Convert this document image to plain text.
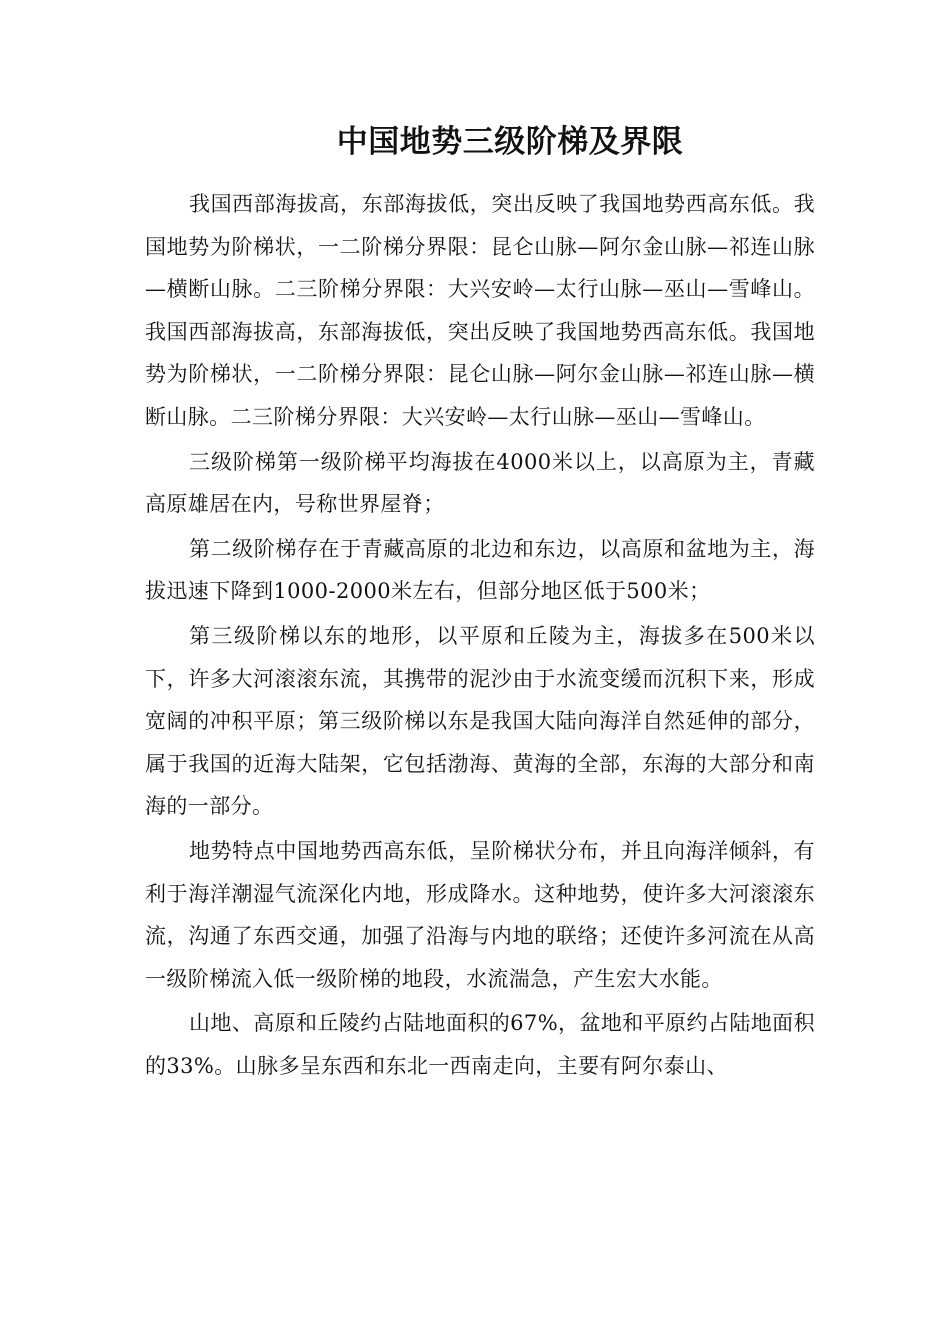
中国地势三级阶梯及界限

我国西部海拔高，东部海拔低，突出反映了我国地势西高东低。我国地势为阶梯状，一二阶梯分界限：昆仑山脉—阿尔金山脉—祁连山脉—横断山脉。二三阶梯分界限：大兴安岭—太行山脉—巫山—雪峰山。我国西部海拔高，东部海拔低，突出反映了我国地势西高东低。我国地势为阶梯状，一二阶梯分界限：昆仑山脉—阿尔金山脉—祁连山脉—横断山脉。二三阶梯分界限：大兴安岭—太行山脉—巫山—雪峰山。

三级阶梯第一级阶梯平均海拔在4000米以上，以高原为主，青藏高原雄居在内，号称世界屋脊；

第二级阶梯存在于青藏高原的北边和东边，以高原和盆地为主，海拔迅速下降到1000-2000米左右，但部分地区低于500米；

第三级阶梯以东的地形，以平原和丘陵为主，海拔多在500米以下，许多大河滚滚东流，其携带的泥沙由于水流变缓而沉积下来，形成宽阔的冲积平原；第三级阶梯以东是我国大陆向海洋自然延伸的部分，属于我国的近海大陆架，它包括渤海、黄海的全部，东海的大部分和南海的一部分。

地势特点中国地势西高东低，呈阶梯状分布，并且向海洋倾斜，有利于海洋潮湿气流深化内地，形成降水。这种地势，使许多大河滚滚东流，沟通了东西交通，加强了沿海与内地的联络；还使许多河流在从高一级阶梯流入低一级阶梯的地段，水流湍急，产生宏大水能。

山地、高原和丘陵约占陆地面积的67%，盆地和平原约占陆地面积的33%。山脉多呈东西和东北一西南走向，主要有阿尔泰山、
